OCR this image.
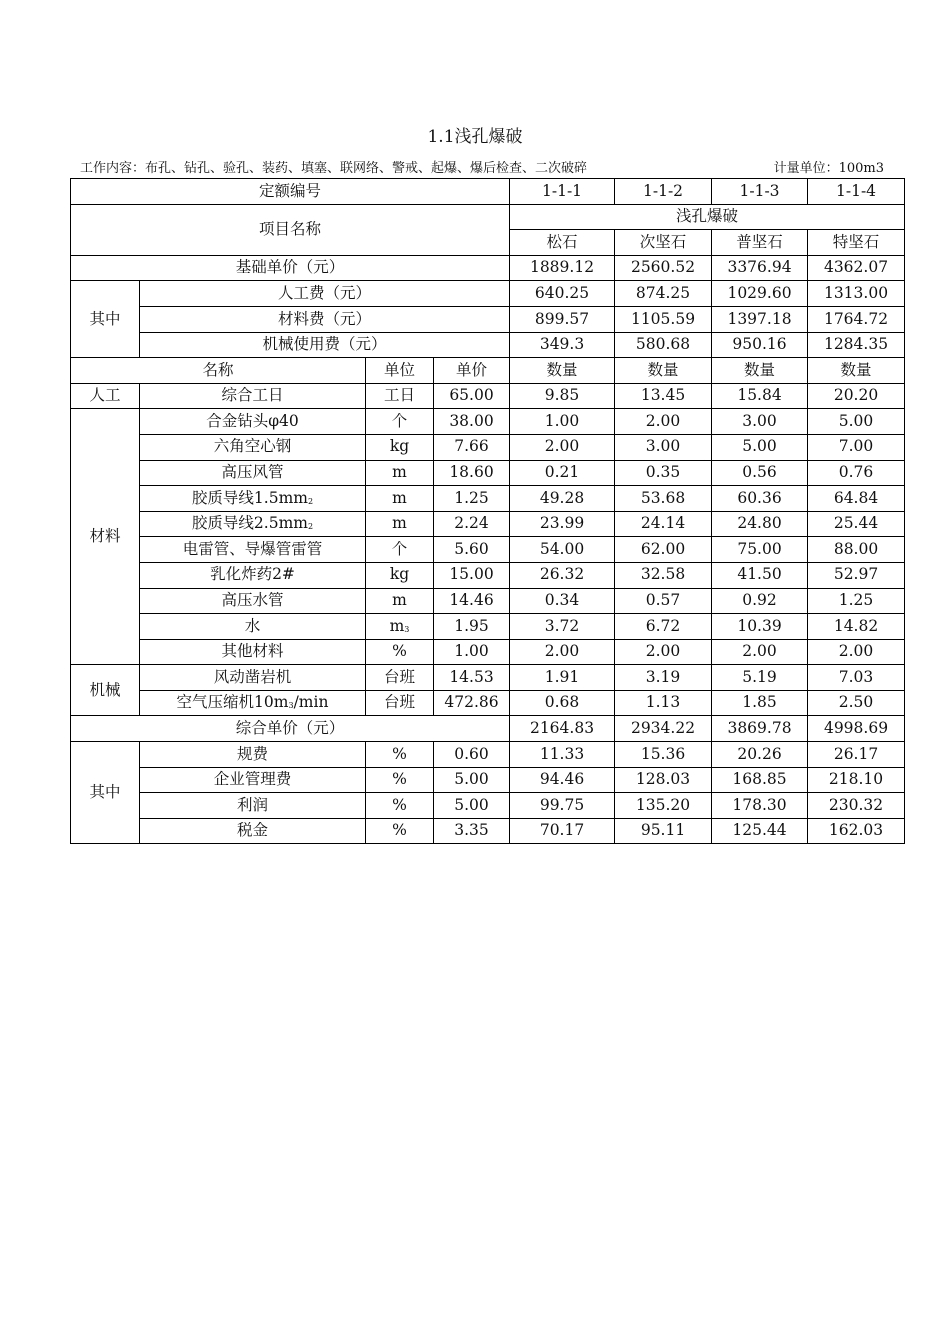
1.1浅孔爆破
工作内容：布孔、钻孔、验孔、装药、填塞、联网络、警戒、起爆、爆后检查、二次破碎	计量单位：100m3
定额编号				1-1-1	1-1-2	1-1-3	1-1-4
项目名称				浅孔爆破			
				松石	次坚石	普坚石	特坚石
基础单价（元）				1889.12	2560.52	3376.94	4362.07
其中	人工费（元）			640.25	874.25	1029.60	1313.00
	材料费（元）			899.57	1105.59	1397.18	1764.72
	机械使用费（元）			349.3	580.68	950.16	1284.35
名称		单位	单价	数量	数量	数量	数量
人工	综合工日	工日	65.00	9.85	13.45	15.84	20.20
材料	合金钻头φ40	个	38.00	1.00	2.00	3.00	5.00
	六角空心钢	kg	7.66	2.00	3.00	5.00	7.00
	高压风管	m	18.60	0.21	0.35	0.56	0.76
	胶质导线$1.5mm_2$	m	1.25	49.28	53.68	60.36	64.84
	胶质导线$2.5mm_2$	m	2.24	23.99	24.14	24.80	25.44
	电雷管、导爆管雷管	个	5.60	54.00	62.00	75.00	88.00
	乳化炸药2#	kg	15.00	26.32	32.58	41.50	52.97
	高压水管	m	14.46	0.34	0.57	0.92	1.25
	水	$m_3$	1.95	3.72	6.72	10.39	14.82
	其他材料	%	1.00	2.00	2.00	2.00	2.00
机械	风动凿岩机	台班	14.53	1.91	3.19	5.19	7.03
	空气压缩机$10m_3/\min$	台班	472.86	0.68	1.13	1.85	2.50
综合单价（元）				2164.83	2934.22	3869.78	4998.69
其中	规费	%	0.60	11.33	15.36	20.26	26.17
	企业管理费	%	5.00	94.46	128.03	168.85	218.10
	利润	%	5.00	99.75	135.20	178.30	230.32
	税金	%	3.35	70.17	95.11	125.44	162.03
